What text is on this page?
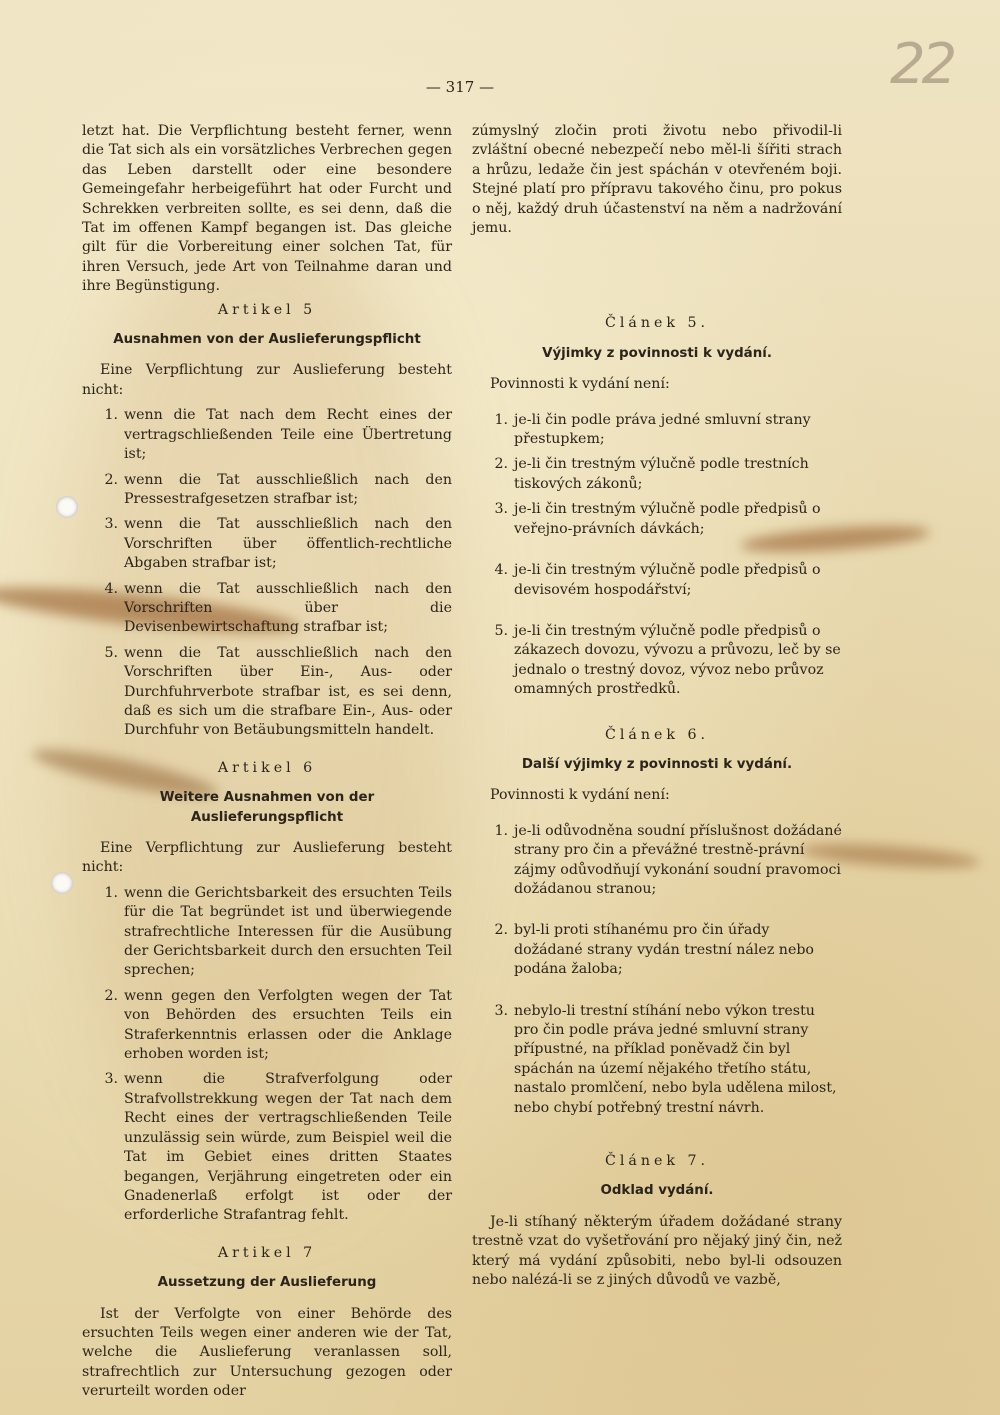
22
— 317 —

letzt hat. Die Verpflichtung besteht ferner, wenn die Tat sich als ein vorsätzliches Verbrechen gegen das Leben darstellt oder eine besondere Gemeingefahr herbeigeführt hat oder Furcht und Schrekken verbreiten sollte, es sei denn, daß die Tat im offenen Kampf begangen ist. Das gleiche gilt für die Vorbereitung einer solchen Tat, für ihren Versuch, jede Art von Teilnahme daran und ihre Begünstigung.

Artikel 5
Ausnahmen von der Auslieferungspflicht

Eine Verpflichtung zur Auslieferung besteht nicht:

1. wenn die Tat nach dem Recht eines der vertragschließenden Teile eine Übertretung ist;
2. wenn die Tat ausschließlich nach den Pressestrafgesetzen strafbar ist;
3. wenn die Tat ausschließlich nach den Vorschriften über öffentlich-rechtliche Abgaben strafbar ist;
4. wenn die Tat ausschließlich nach den Vorschriften über die Devisenbewirtschaftung strafbar ist;
5. wenn die Tat ausschließlich nach den Vorschriften über Ein-, Aus- oder Durchfuhrverbote strafbar ist, es sei denn, daß es sich um die strafbare Ein-, Aus- oder Durchfuhr von Betäubungsmitteln handelt.
Artikel 6
Weitere Ausnahmen von der Auslieferungspflicht

Eine Verpflichtung zur Auslieferung besteht nicht:

1. wenn die Gerichtsbarkeit des ersuchten Teils für die Tat begründet ist und überwiegende strafrechtliche Interessen für die Ausübung der Gerichtsbarkeit durch den ersuchten Teil sprechen;
2. wenn gegen den Verfolgten wegen der Tat von Behörden des ersuchten Teils ein Straferkenntnis erlassen oder die Anklage erhoben worden ist;
3. wenn die Strafverfolgung oder Strafvollstrekkung wegen der Tat nach dem Recht eines der vertragschließenden Teile unzulässig sein würde, zum Beispiel weil die Tat im Gebiet eines dritten Staates begangen, Verjährung eingetreten oder ein Gnadenerlaß erfolgt ist oder der erforderliche Strafantrag fehlt.
Artikel 7
Aussetzung der Auslieferung

Ist der Verfolgte von einer Behörde des ersuchten Teils wegen einer anderen wie der Tat, welche die Auslieferung veranlassen soll, strafrechtlich zur Untersuchung gezogen oder verurteilt worden oder

zúmyslný zločin proti životu nebo přivodil-li zvláštní obecné nebezpečí nebo měl-li šířiti strach a hrůzu, ledaže čin jest spáchán v otevřeném boji. Stejné platí pro přípravu takového činu, pro pokus o něj, každý druh účastenství na něm a nadržování jemu.

Článek 5.
Výjimky z povinnosti k vydání.

Povinnosti k vydání není:

1. je-li čin podle práva jedné smluvní strany přestupkem;
2. je-li čin trestným výlučně podle trestních tiskových zákonů;
3. je-li čin trestným výlučně podle předpisů o veřejno-právních dávkách;
4. je-li čin trestným výlučně podle předpisů o devisovém hospodářství;
5. je-li čin trestným výlučně podle předpisů o zákazech dovozu, vývozu a průvozu, leč by se jednalo o trestný dovoz, vývoz nebo průvoz omamných prostředků.
Článek 6.
Další výjimky z povinnosti k vydání.

Povinnosti k vydání není:

1. je-li odůvodněna soudní příslušnost dožádané strany pro čin a převážné trestně-právní zájmy odůvodňují vykonání soudní pravomoci dožádanou stranou;
2. byl-li proti stíhanému pro čin úřady dožádané strany vydán trestní nález nebo podána žaloba;
3. nebylo-li trestní stíhání nebo výkon trestu pro čin podle práva jedné smluvní strany přípustné, na příklad poněvadž čin byl spáchán na území nějakého třetího státu, nastalo promlčení, nebo byla udělena milost, nebo chybí potřebný trestní návrh.
Článek 7.
Odklad vydání.

Je-li stíhaný některým úřadem dožádané strany trestně vzat do vyšetřování pro nějaký jiný čin, než který má vydání způsobiti, nebo byl-li odsouzen nebo nalézá-li se z jiných důvodů ve vazbě,
